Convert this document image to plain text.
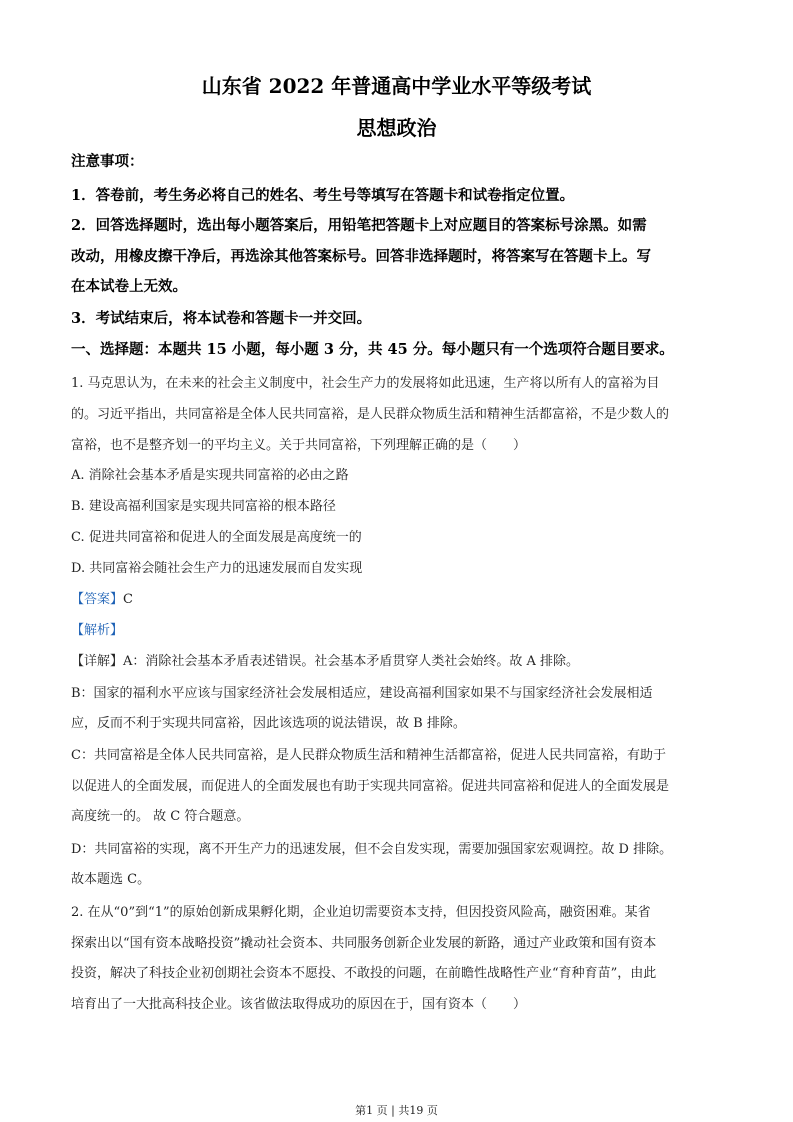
山东省 2022 年普通高中学业水平等级考试
思想政治
注意事项：
1．答卷前，考生务必将自己的姓名、考生号等填写在答题卡和试卷指定位置。
2．回答选择题时，选出每小题答案后，用铅笔把答题卡上对应题目的答案标号涂黑。如需
改动，用橡皮擦干净后，再选涂其他答案标号。回答非选择题时，将答案写在答题卡上。写
在本试卷上无效。
3．考试结束后，将本试卷和答题卡一并交回。
一、选择题：本题共 15 小题，每小题 3 分，共 45 分。每小题只有一个选项符合题目要求。
1. 马克思认为，在未来的社会主义制度中，社会生产力的发展将如此迅速，生产将以所有人的富裕为目
的。习近平指出，共同富裕是全体人民共同富裕，是人民群众物质生活和精神生活都富裕，不是少数人的
富裕，也不是整齐划一的平均主义。关于共同富裕，下列理解正确的是（　　）
A. 消除社会基本矛盾是实现共同富裕的必由之路
B. 建设高福利国家是实现共同富裕的根本路径
C. 促进共同富裕和促进人的全面发展是高度统一的
D. 共同富裕会随社会生产力的迅速发展而自发实现
【答案】C
【解析】
【详解】A：消除社会基本矛盾表述错误。社会基本矛盾贯穿人类社会始终。故 A 排除。
B：国家的福利水平应该与国家经济社会发展相适应，建设高福利国家如果不与国家经济社会发展相适
应，反而不利于实现共同富裕，因此该选项的说法错误，故 B 排除。
C：共同富裕是全体人民共同富裕，是人民群众物质生活和精神生活都富裕，促进人民共同富裕，有助于
以促进人的全面发展，而促进人的全面发展也有助于实现共同富裕。促进共同富裕和促进人的全面发展是
高度统一的。 故 C 符合题意。
D：共同富裕的实现，离不开生产力的迅速发展，但不会自发实现，需要加强国家宏观调控。故 D 排除。
故本题选 C。
2. 在从“0”到“1”的原始创新成果孵化期，企业迫切需要资本支持，但因投资风险高，融资困难。某省
探索出以“国有资本战略投资”撬动社会资本、共同服务创新企业发展的新路，通过产业政策和国有资本
投资，解决了科技企业初创期社会资本不愿投、不敢投的问题，在前瞻性战略性产业“育种育苗”，由此
培育出了一大批高科技企业。该省做法取得成功的原因在于，国有资本（　　）
第1 页 | 共19 页
